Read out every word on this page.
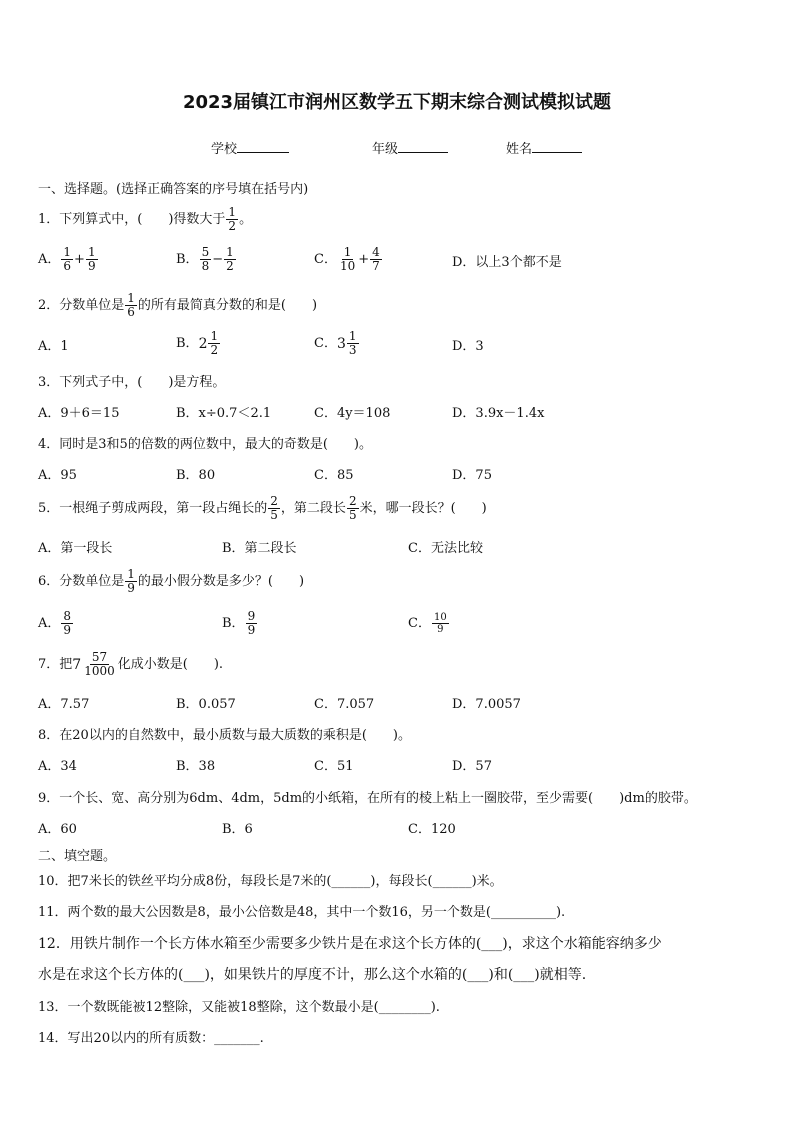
2023届镇江市润州区数学五下期末综合测试模拟试题
学校	年级	姓名
一、选择题。(选择正确答案的序号填在括号内)
1．下列算式中，(　　)得数大于 $\frac{1}{2}$ 。
A． $\frac{1}{6} + \frac{1}{9}$	B． $\frac{5}{8} - \frac{1}{2}$	C． $\frac{1}{10} + \frac{4}{7}$	D．以上3个都不是
2．分数单位是 $\frac{1}{6}$ 的所有最简真分数的和是(　　)
A．1	B． $2 \frac{1}{2}$	C． $3 \frac{1}{3}$	D．3
3．下列式子中，(　　)是方程。
A．9＋6＝15	B．x÷0.7＜2.1	C．4y＝108	D．3.9x－1.4x
4．同时是3和5的倍数的两位数中，最大的奇数是(　　)。
A．95	B．80	C．85	D．75
5．一根绳子剪成两段，第一段占绳长的 $\frac{2}{5}$ ，第二段长 $\frac{2}{5}$ 米，哪一段长？(　　)
A．第一段长	B．第二段长	C．无法比较
6．分数单位是 $\frac{1}{9}$ 的最小假分数是多少？(　　)
A． $\frac{8}{9}$	B． $\frac{9}{9}$	C． $\frac{10}{9}$
7．把 $7 \frac{57}{1000}$ 化成小数是(　　).
A．7.57	B．0.057	C．7.057	D．7.0057
8．在20以内的自然数中，最小质数与最大质数的乘积是(　　)。
A．34	B．38	C．51	D．57
9．一个长、宽、高分别为6dm、4dm，5dm的小纸箱，在所有的棱上粘上一圈胶带，至少需要(　　)dm的胶带。
A．60	B．6	C．120
二、填空题。
10．把7米长的铁丝平均分成8份，每段长是7米的(______)，每段长(______)米。
11．两个数的最大公因数是8，最小公倍数是48，其中一个数16，另一个数是(__________).
12．用铁片制作一个长方体水箱至少需要多少铁片是在求这个长方体的(___)，求这个水箱能容纳多少
水是在求这个长方体的(___)，如果铁片的厚度不计，那么这个水箱的(___)和(___)就相等.
13．一个数既能被12整除，又能被18整除，这个数最小是(________).
14．写出20以内的所有质数：_______.
